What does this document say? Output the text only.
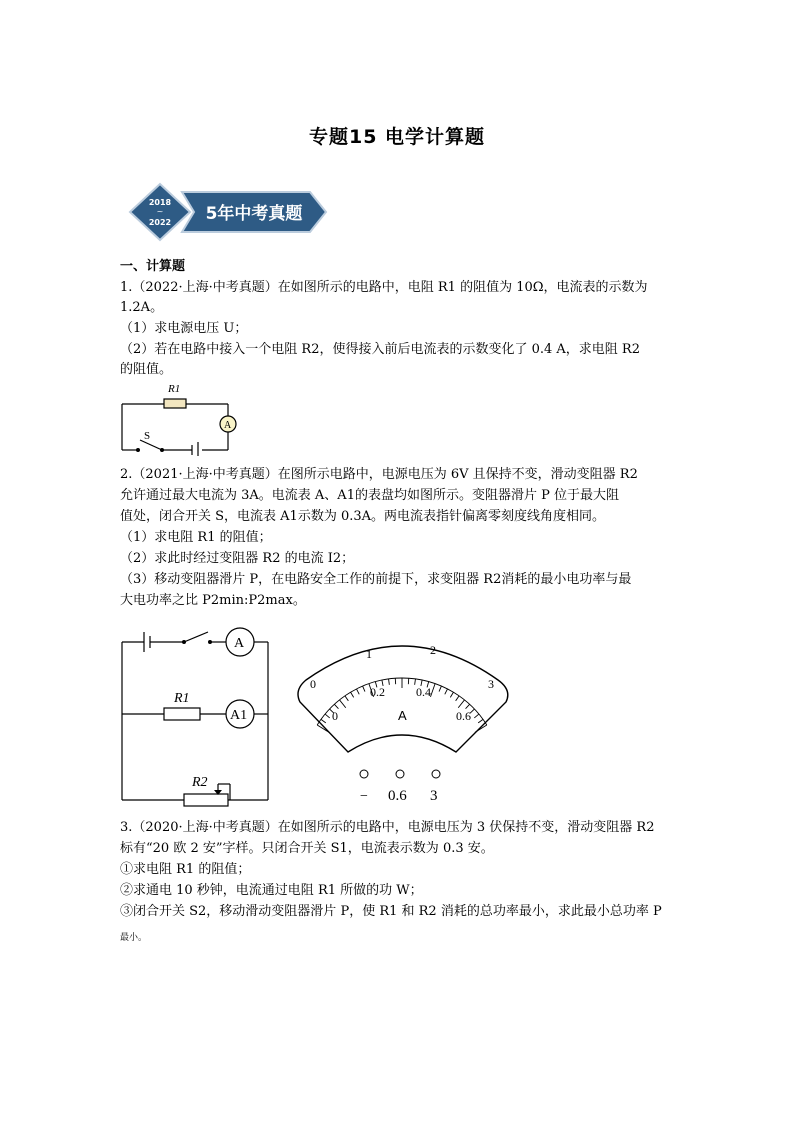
专题15 电学计算题
2018
~
2022 5年中考真题
一、计算题
1.（2022·上海·中考真题）在如图所示的电路中，电阻 R1 的阻值为 10Ω，电流表的示数为
1.2A。
（1）求电源电压 U；
（2）若在电路中接入一个电阻 R2，使得接入前后电流表的示数变化了 0.4 A，求电阻 R2
的阻值。
A
R1
S
2.（2021·上海·中考真题）在图所示电路中，电源电压为 6V 且保持不变，滑动变阻器 R2
允许通过最大电流为 3A。电流表 A、A1的表盘均如图所示。变阻器滑片 P 位于最大阻
值处，闭合开关 S，电流表 A1示数为 0.3A。两电流表指针偏离零刻度线角度相同。
（1）求电阻 R1 的阻值；
（2）求此时经过变阻器 R2 的电流 I2；
（3）移动变阻器滑片 P，在电路安全工作的前提下，求变阻器 R2消耗的最小电功率与最
大电功率之比 P2min:P2max。
A
A1
R1
R2
0
1	2
3
0
0.2	0.4
0.6
A
− 0.6 3
3.（2020·上海·中考真题）在如图所示的电路中，电源电压为 3 伏保持不变，滑动变阻器 R2
标有“20 欧 2 安”字样。只闭合开关 S1，电流表示数为 0.3 安。
①求电阻 R1 的阻值；
②求通电 10 秒钟，电流通过电阻 R1 所做的功 W；
③闭合开关 S2，移动滑动变阻器滑片 P，使 R1 和 R2 消耗的总功率最小，求此最小总功率 P
最小。
